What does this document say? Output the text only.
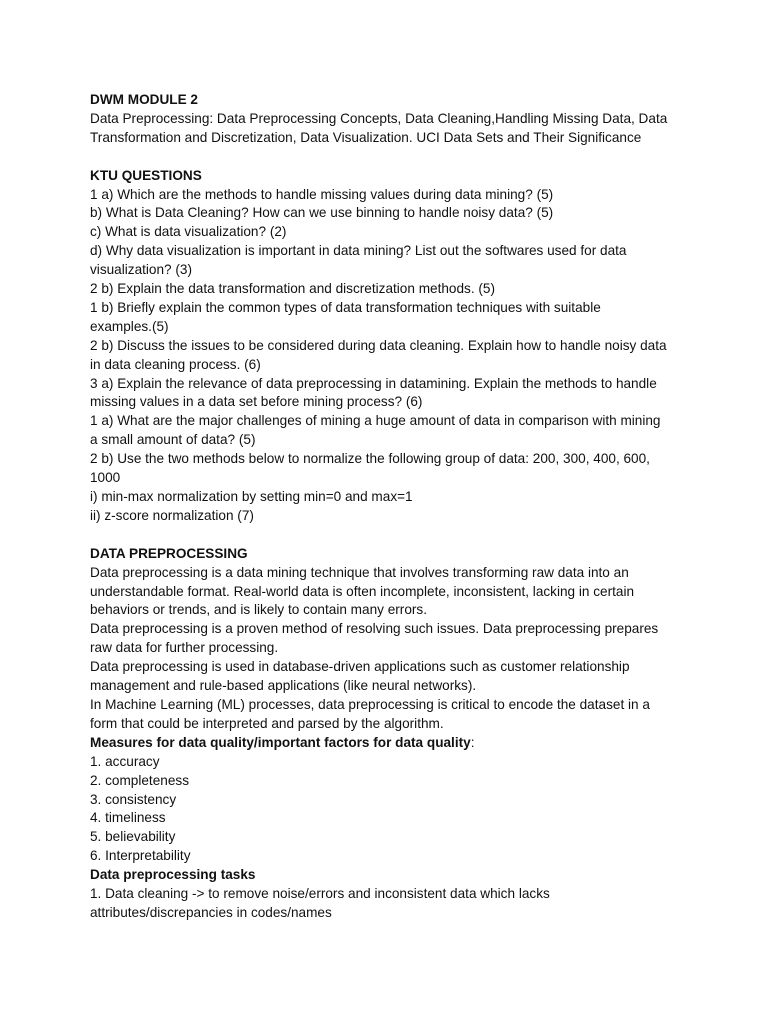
DWM MODULE 2
Data Preprocessing: Data Preprocessing Concepts, Data Cleaning,Handling Missing Data, Data
Transformation and Discretization, Data Visualization. UCI Data Sets and Their Significance
KTU QUESTIONS
1 a) Which are the methods to handle missing values during data mining? (5)
b) What is Data Cleaning? How can we use binning to handle noisy data? (5)
c) What is data visualization? (2)
d) Why data visualization is important in data mining? List out the softwares used for data
visualization? (3)
2 b) Explain the data transformation and discretization methods. (5)
1 b) Briefly explain the common types of data transformation techniques with suitable
examples.(5)
2 b) Discuss the issues to be considered during data cleaning. Explain how to handle noisy data
in data cleaning process. (6)
3 a) Explain the relevance of data preprocessing in datamining. Explain the methods to handle
missing values in a data set before mining process? (6)
1 a) What are the major challenges of mining a huge amount of data in comparison with mining
a small amount of data? (5)
2 b) Use the two methods below to normalize the following group of data: 200, 300, 400, 600,
1000
i) min-max normalization by setting min=0 and max=1
ii) z-score normalization (7)
DATA PREPROCESSING
Data preprocessing is a data mining technique that involves transforming raw data into an
understandable format. Real-world data is often incomplete, inconsistent, lacking in certain
behaviors or trends, and is likely to contain many errors.
Data preprocessing is a proven method of resolving such issues. Data preprocessing prepares
raw data for further processing.
Data preprocessing is used in database-driven applications such as customer relationship
management and rule-based applications (like neural networks).
In Machine Learning (ML) processes, data preprocessing is critical to encode the dataset in a
form that could be interpreted and parsed by the algorithm.
Measures for data quality/important factors for data quality:
1. accuracy
2. completeness
3. consistency
4. timeliness
5. believability
6. Interpretability
Data preprocessing tasks
1. Data cleaning -> to remove noise/errors and inconsistent data which lacks
attributes/discrepancies in codes/names
